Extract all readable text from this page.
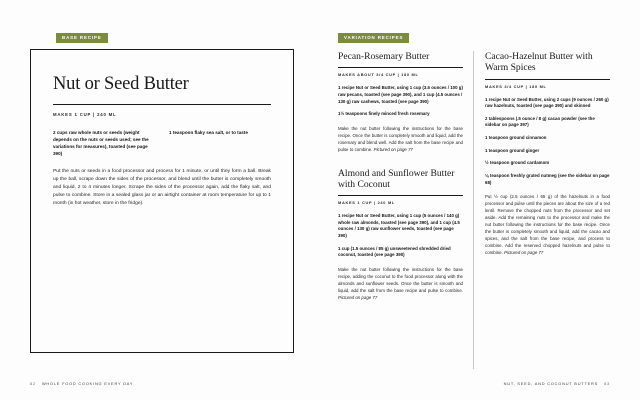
BASE RECIPE
Nut or Seed Butter

MAKES 1 CUP | 240 ML

2 cups raw whole nuts or seeds (weight depends on the nuts or seeds used; see the variations for measures), toasted (see page 390)
1 teaspoon flaky sea salt, or to taste

Put the nuts or seeds in a food processor and process for 1 minute, or until they form a ball. Break up the ball, scrape down the sides of the processor, and blend until the butter is completely smooth and liquid, 2 to 4 minutes longer. Scrape the sides of the processor again, add the flaky salt, and pulse to combine. Store in a sealed glass jar or an airtight container at room temperature for up to 1 month (in hot weather, store in the fridge).

82 WHOLE FOOD COOKING EVERY DAY
VARIATION RECIPES
Pecan-Rosemary Butter

MAKES ABOUT 3/4 CUP | 180 ML

1 recipe Nut or Seed Butter, using 1 cup (3.5 ounces / 100 g) raw pecans, toasted (see page 390), and 1 cup (4.5 ounces / 130 g) raw cashews, toasted (see page 390)

1½ teaspoons finely minced fresh rosemary

Make the nut butter following the instructions for the base recipe. Once the butter is completely smooth and liquid, add the rosemary and blend well. Add the salt from the base recipe and pulse to combine. Pictured on page 77

Almond and Sunflower Butter with Coconut

MAKES 1 CUP | 240 ML

1 recipe Nut or Seed Butter, using 1 cup (5 ounces / 140 g) whole raw almonds, toasted (see page 390), and 1 cup (4.5 ounces / 130 g) raw sunflower seeds, toasted (see page 390)

1 cup (1.5 ounces / 85 g) unsweetened shredded dried coconut, toasted (see page 390)

Make the nut butter following the instructions for the base recipe, adding the coconut to the food processor along with the almonds and sunflower seeds. Once the butter is smooth and liquid, add the salt from the base recipe and pulse to combine. Pictured on page 77

Cacao-Hazelnut Butter with Warm Spices

MAKES 3/4 CUP | 180 ML

1 recipe Nut or Seed Butter, using 2 cups (9 ounces / 260 g) raw hazelnuts, toasted (see page 390) and skinned

2 tablespoons (.5 ounce / 8 g) cacao powder (see the sidebar on page 397)

1 teaspoon ground cinnamon

1 teaspoon ground ginger

½ teaspoon ground cardamom

⅛ teaspoon freshly grated nutmeg (see the sidebar on page 68)

Put ½ cup (2.5 ounces / 65 g) of the hazelnuts in a food processor and pulse until the pieces are about the size of a red lentil. Remove the chopped nuts from the processor and set aside. Add the remaining nuts to the processor and make the nut butter following the instructions for the base recipe. Once the butter is completely smooth and liquid, add the cacao and spices, and the salt from the base recipe, and process to combine. Add the reserved chopped hazelnuts and pulse to combine. Pictured on page 77

NUT, SEED, AND COCONUT BUTTERS 83
